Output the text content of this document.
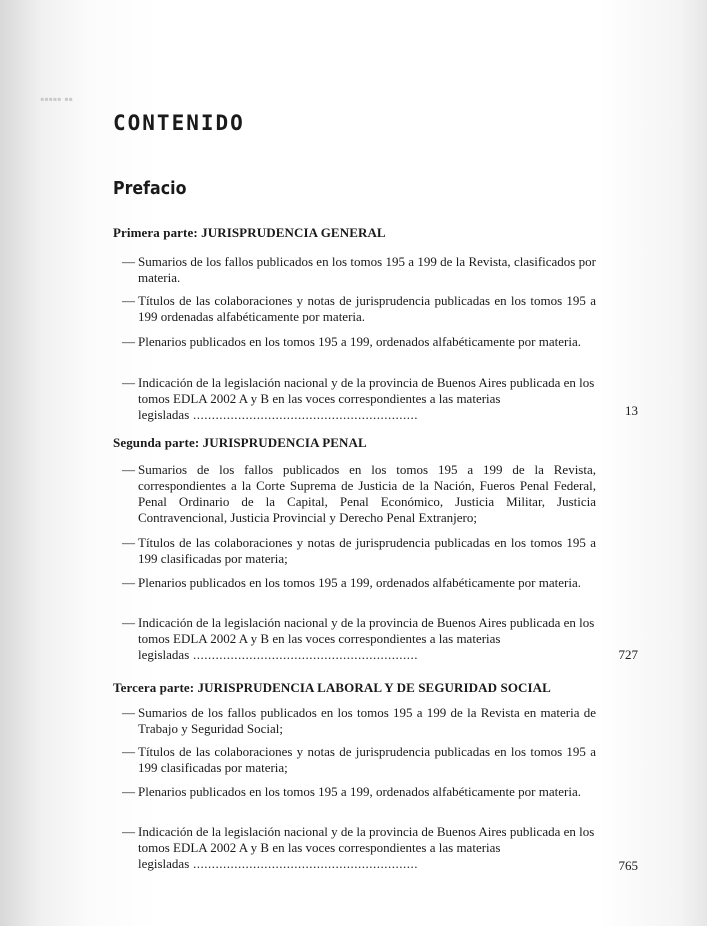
▪▪ ▪▪▪▪▪
CONTENIDO
Prefacio
Primera parte: JURISPRUDENCIA GENERAL
— Sumarios de los fallos publicados en los tomos 195 a 199 de la Revista, clasificados por materia.
— Títulos de las colaboraciones y notas de jurisprudencia publicadas en los tomos 195 a 199 ordenadas alfabéticamente por materia.
— Plenarios publicados en los tomos 195 a 199, ordenados alfabéticamente por materia.
— Indicación de la legislación nacional y de la provincia de Buenos Aires publicada en los tomos EDLA 2002 A y B en las voces correspondientes a las materias legisladas ............................................................	13
Segunda parte: JURISPRUDENCIA PENAL
— Sumarios de los fallos publicados en los tomos 195 a 199 de la Revista, correspondientes a la Corte Suprema de Justicia de la Nación, Fueros Penal Federal, Penal Ordinario de la Capital, Penal Económico, Justicia Militar, Justicia Contravencional, Justicia Provincial y Derecho Penal Extranjero;
— Títulos de las colaboraciones y notas de jurisprudencia publicadas en los tomos 195 a 199 clasificadas por materia;
— Plenarios publicados en los tomos 195 a 199, ordenados alfabéticamente por materia.
— Indicación de la legislación nacional y de la provincia de Buenos Aires publicada en los tomos EDLA 2002 A y B en las voces correspondientes a las materias legisladas ............................................................	727
Tercera parte: JURISPRUDENCIA LABORAL Y DE SEGURIDAD SOCIAL
— Sumarios de los fallos publicados en los tomos 195 a 199 de la Revista en materia de Trabajo y Seguridad Social;
— Títulos de las colaboraciones y notas de jurisprudencia publicadas en los tomos 195 a 199 clasificadas por materia;
— Plenarios publicados en los tomos 195 a 199, ordenados alfabéticamente por materia.
— Indicación de la legislación nacional y de la provincia de Buenos Aires publicada en los tomos EDLA 2002 A y B en las voces correspondientes a las materias legisladas ............................................................	765
